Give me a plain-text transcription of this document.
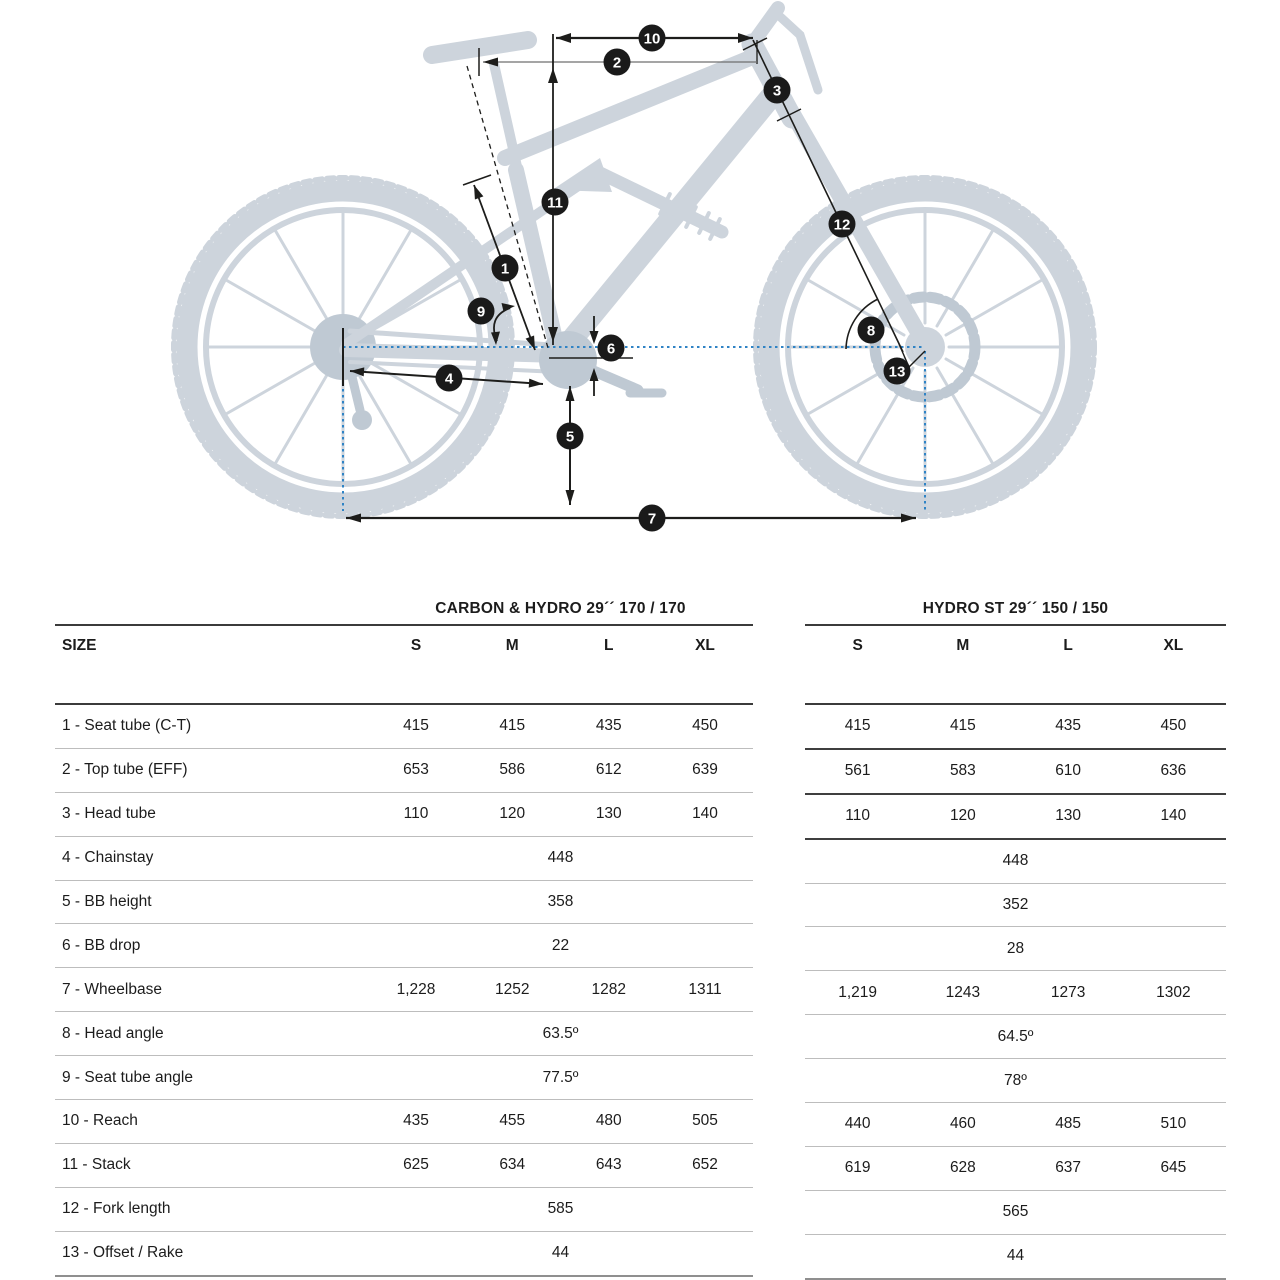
1
2
3
4
5
6
7
8
9
10
11
12
13
	CARBON & HYDRO 29´´ 170 / 170			
SIZE	S	M	L	XL
1 - Seat tube (C-T)	415	415	435	450
2 - Top tube (EFF)	653	586	612	639
3 - Head tube	110	120	130	140
4 - Chainstay	448			
5 - BB height	358			
6 - BB drop	22			
7 - Wheelbase	1,228	1252	1282	1311
8 - Head angle	63.5º			
9 - Seat tube angle	77.5º			
10 - Reach	435	455	480	505
11 - Stack	625	634	643	652
12 - Fork length	585			
13 - Offset / Rake	44			
HYDRO ST 29´´ 150 / 150			
S	M	L	XL
415	415	435	450
561	583	610	636
110	120	130	140
448			
352			
28			
1,219	1243	1273	1302
64.5º			
78º			
440	460	485	510
619	628	637	645
565			
44			
